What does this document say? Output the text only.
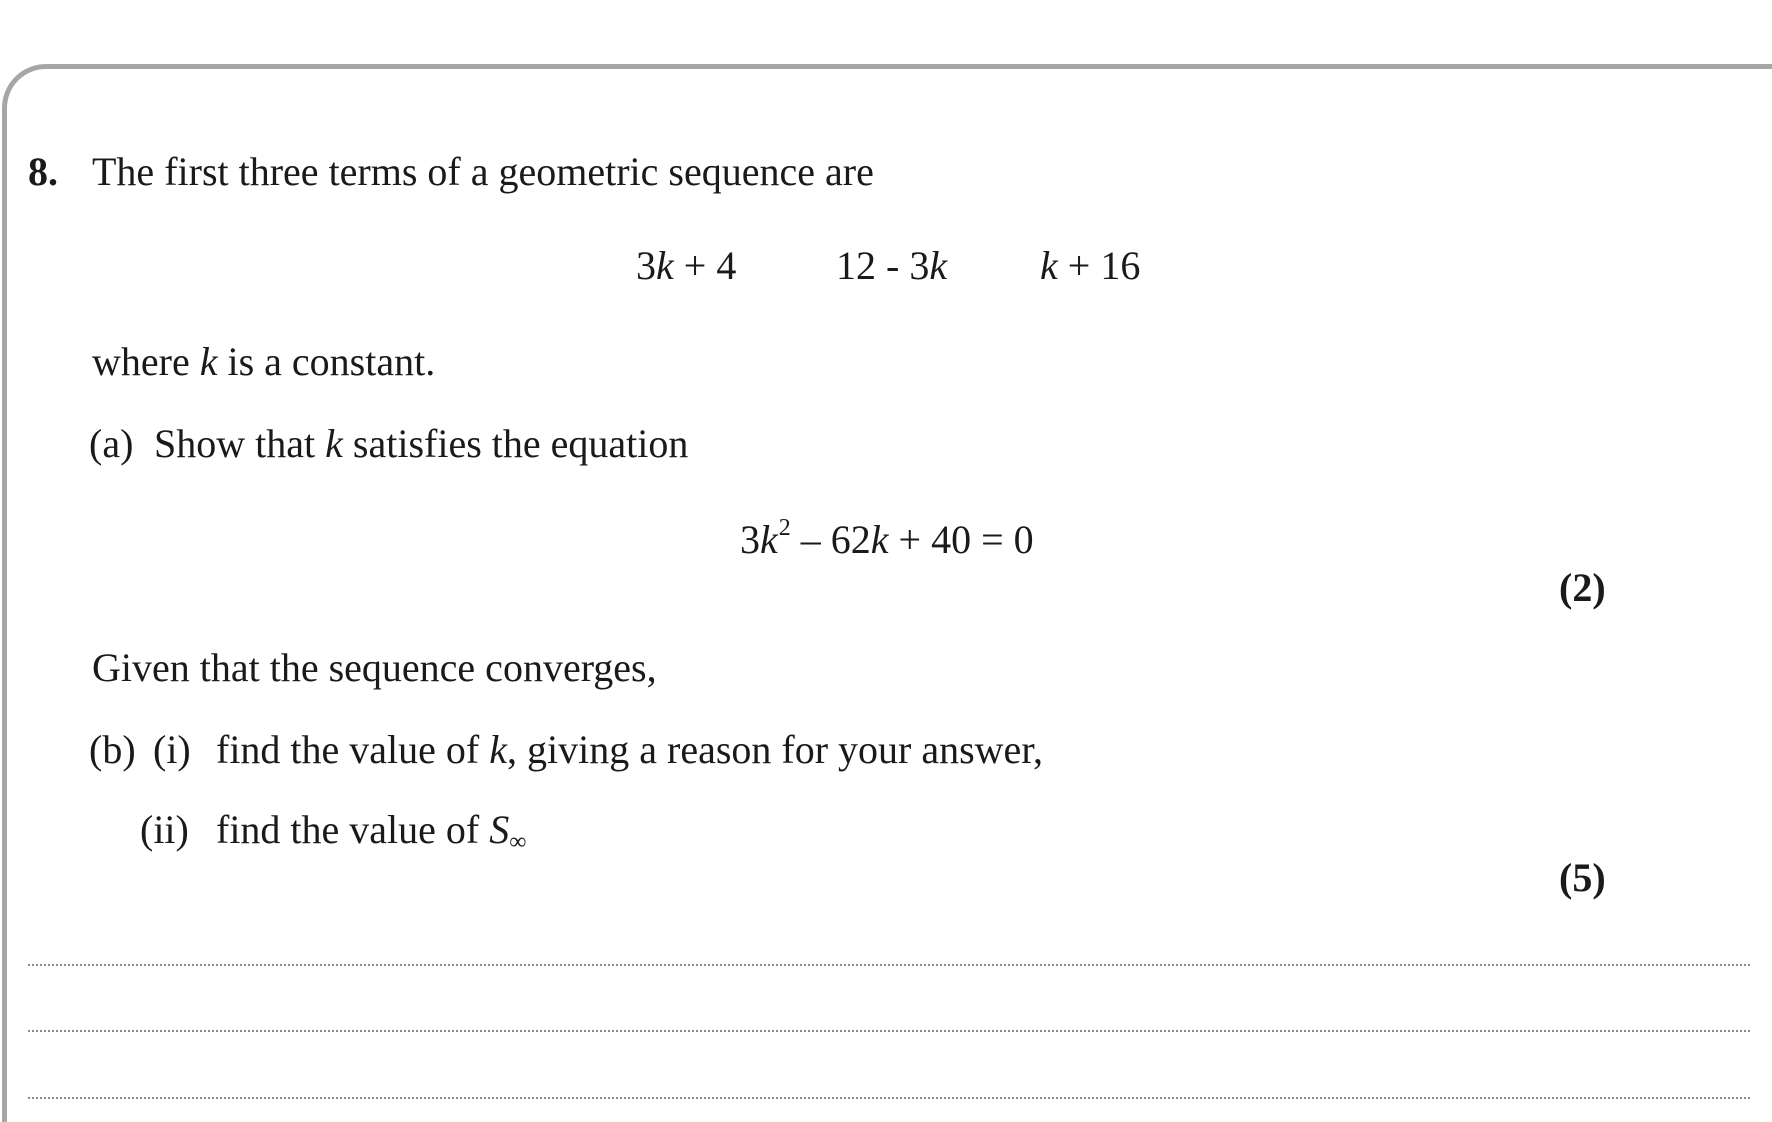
8. The first three terms of a geometric sequence are
3k + 4 12 - 3k k + 16
where k is a constant.
(a) Show that k satisfies the equation
$3k^2 - 62k + 40 = 0$
(2)
Given that the sequence converges,
(b) (i) find the value of k, giving a reason for your answer,
(ii) find the value of $S_\infty$
(5)
